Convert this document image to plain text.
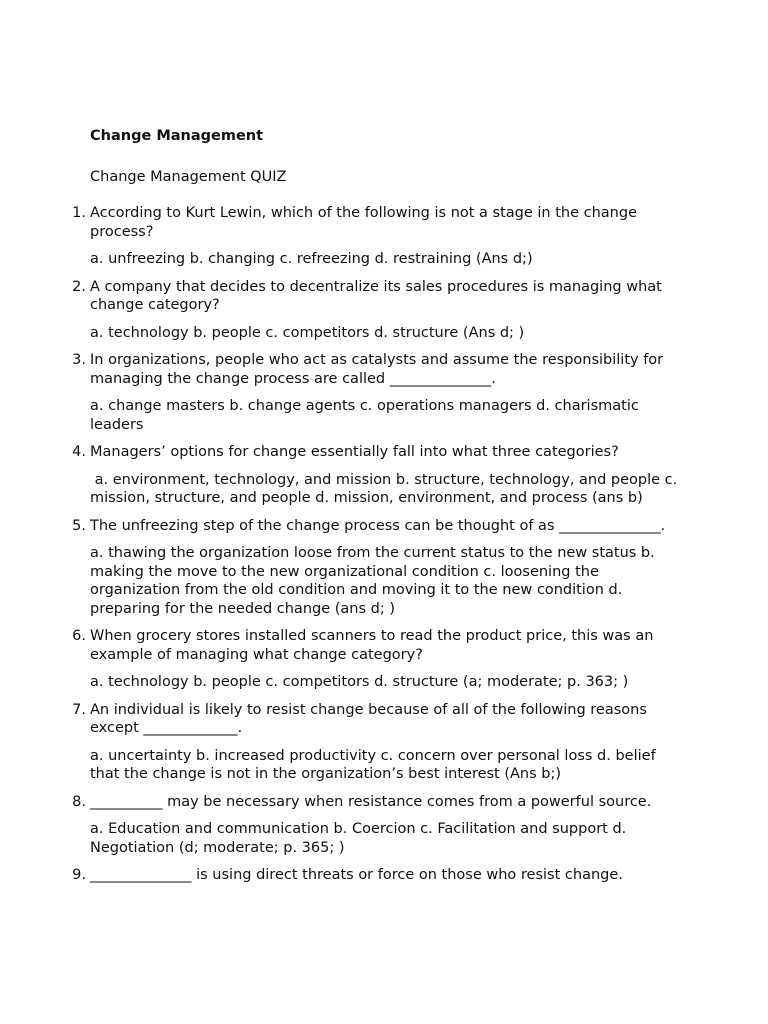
Change Management

Change Management QUIZ

1. According to Kurt Lewin, which of the following is not a stage in the change process?

a. unfreezing b. changing c. refreezing d. restraining (Ans d;)

2. A company that decides to decentralize its sales procedures is managing what change category?

a. technology b. people c. competitors d. structure (Ans d; )

3. In organizations, people who act as catalysts and assume the responsibility for managing the change process are called ______________.

a. change masters b. change agents c. operations managers d. charismatic leaders

4. Managers’ options for change essentially fall into what three categories?

a. environment, technology, and mission b. structure, technology, and people c. mission, structure, and people d. mission, environment, and process (ans b)

5. The unfreezing step of the change process can be thought of as ______________.

a. thawing the organization loose from the current status to the new status b. making the move to the new organizational condition c. loosening the organization from the old condition and moving it to the new condition d. preparing for the needed change (ans d; )

6. When grocery stores installed scanners to read the product price, this was an example of managing what change category?

a. technology b. people c. competitors d. structure (a; moderate; p. 363; )

7. An individual is likely to resist change because of all of the following reasons except _____________.

a. uncertainty b. increased productivity c. concern over personal loss d. belief that the change is not in the organization’s best interest (Ans b;)

8. __________ may be necessary when resistance comes from a powerful source.

a. Education and communication b. Coercion c. Facilitation and support d. Negotiation (d; moderate; p. 365; )

9. ______________ is using direct threats or force on those who resist change.
